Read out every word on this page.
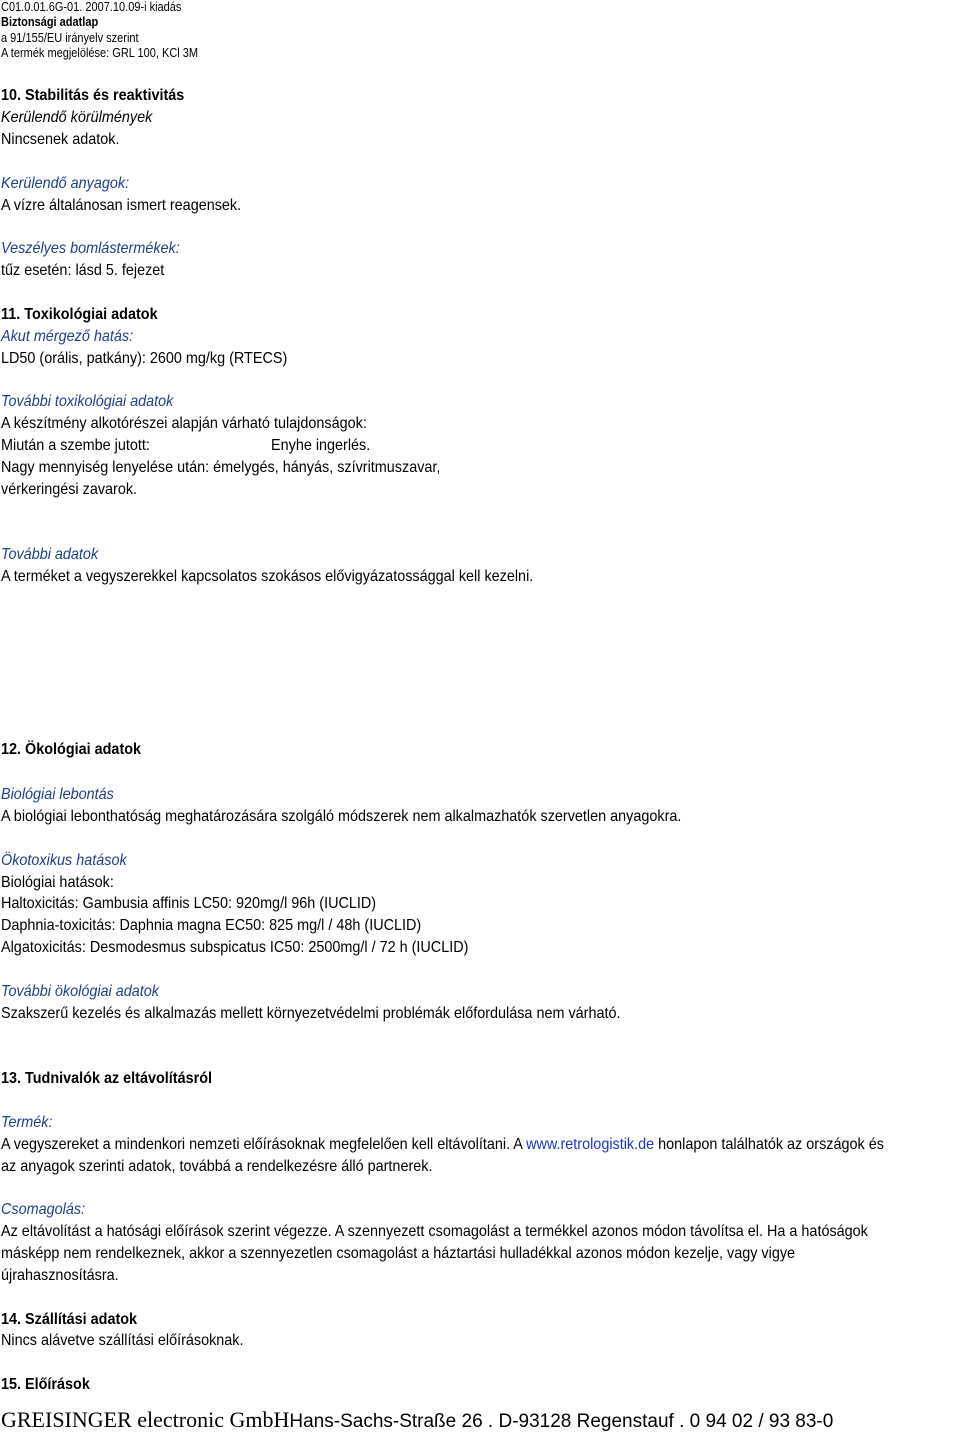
C01.0.01.6G-01. 2007.10.09-i kiadás
Biztonsági adatlap
a 91/155/EU irányelv szerint
A termék megjelölése: GRL 100, KCl 3M
10. Stabilitás és reaktivitás
Kerülendő körülmények
Nincsenek adatok.
Kerülendő anyagok:
A vízre általánosan ismert reagensek.
Veszélyes bomlástermékek:
tűz esetén: lásd 5. fejezet
11. Toxikológiai adatok
Akut mérgező hatás:
LD50 (orális, patkány): 2600 mg/kg (RTECS)
További toxikológiai adatok
A készítmény alkotórészei alapján várható tulajdonságok:
Miután a szembe jutott:	Enyhe ingerlés.
Nagy mennyiség lenyelése után: émelygés, hányás, szívritmuszavar,
vérkeringési zavarok.
További adatok
A terméket a vegyszerekkel kapcsolatos szokásos elővigyázatossággal kell kezelni.
12. Ökológiai adatok
Biológiai lebontás
A biológiai lebonthatóság meghatározására szolgáló módszerek nem alkalmazhatók szervetlen anyagokra.
Ökotoxikus hatások
Biológiai hatások:
Haltoxicitás: Gambusia affinis LC50: 920mg/l 96h (IUCLID)
Daphnia-toxicitás: Daphnia magna EC50: 825 mg/l / 48h (IUCLID)
Algatoxicitás: Desmodesmus subspicatus IC50: 2500mg/l / 72 h (IUCLID)
További ökológiai adatok
Szakszerű kezelés és alkalmazás mellett környezetvédelmi problémák előfordulása nem várható.
13. Tudnivalók az eltávolításról
Termék:
A vegyszereket a mindenkori nemzeti előírásoknak megfelelően kell eltávolítani. A www.retrologistik.de honlapon találhatók az országok és
az anyagok szerinti adatok, továbbá a rendelkezésre álló partnerek.
Csomagolás:
Az eltávolítást a hatósági előírások szerint végezze. A szennyezett csomagolást a termékkel azonos módon távolítsa el. Ha a hatóságok
másképp nem rendelkeznek, akkor a szennyezetlen csomagolást a háztartási hulladékkal azonos módon kezelje, vagy vigye
újrahasznosításra.
14. Szállítási adatok
Nincs alávetve szállítási előírásoknak.
15. Előírások
GREISINGER electronic GmbHHans-Sachs-Straße 26 . D-93128 Regenstauf . 0 94 02 / 93 83-0
